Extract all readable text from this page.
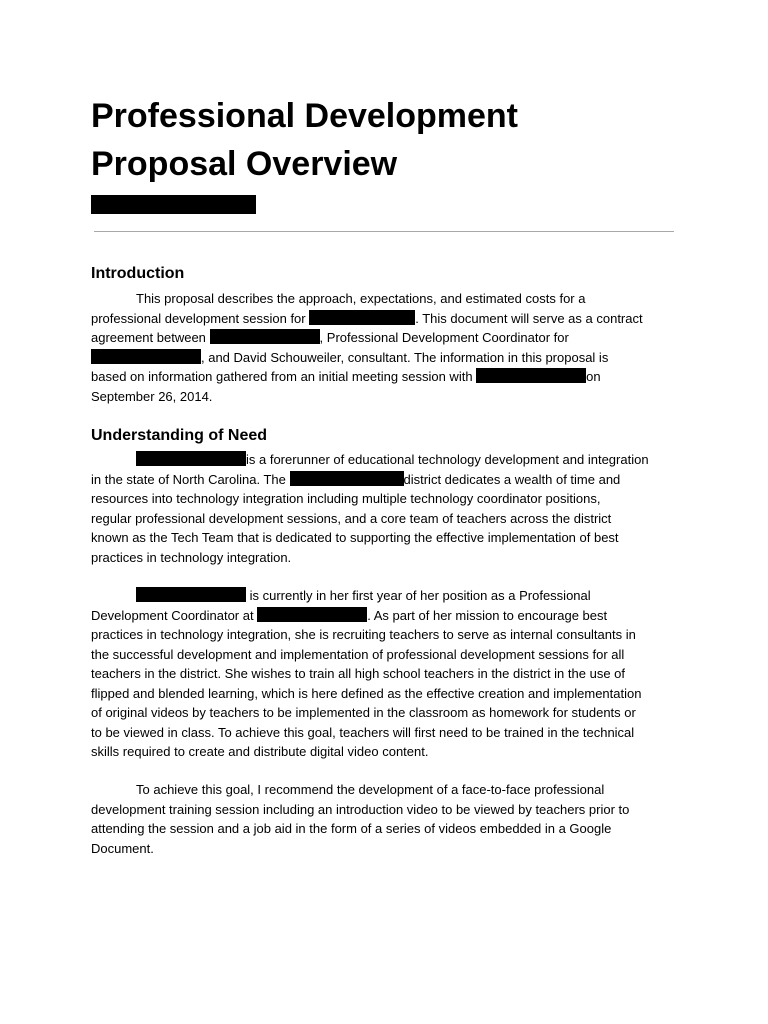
Professional Development
Proposal Overview
Introduction
This proposal describes the approach, expectations, and estimated costs for a
professional development session for	. This document will serve as a contract
agreement between	, Professional Development Coordinator for
, and David Schouweiler, consultant. The information in this proposal is
based on information gathered from an initial meeting session with	on
September 26, 2014.
Understanding of Need
is a forerunner of educational technology development and integration
in the state of North Carolina. The	district dedicates a wealth of time and
resources into technology integration including multiple technology coordinator positions,
regular professional development sessions, and a core team of teachers across the district
known as the Tech Team that is dedicated to supporting the effective implementation of best
practices in technology integration.
is currently in her first year of her position as a Professional
Development Coordinator at	. As part of her mission to encourage best
practices in technology integration, she is recruiting teachers to serve as internal consultants in
the successful development and implementation of professional development sessions for all
teachers in the district. She wishes to train all high school teachers in the district in the use of
flipped and blended learning, which is here defined as the effective creation and implementation
of original videos by teachers to be implemented in the classroom as homework for students or
to be viewed in class. To achieve this goal, teachers will first need to be trained in the technical
skills required to create and distribute digital video content.
To achieve this goal, I recommend the development of a face-to-face professional
development training session including an introduction video to be viewed by teachers prior to
attending the session and a job aid in the form of a series of videos embedded in a Google
Document.
